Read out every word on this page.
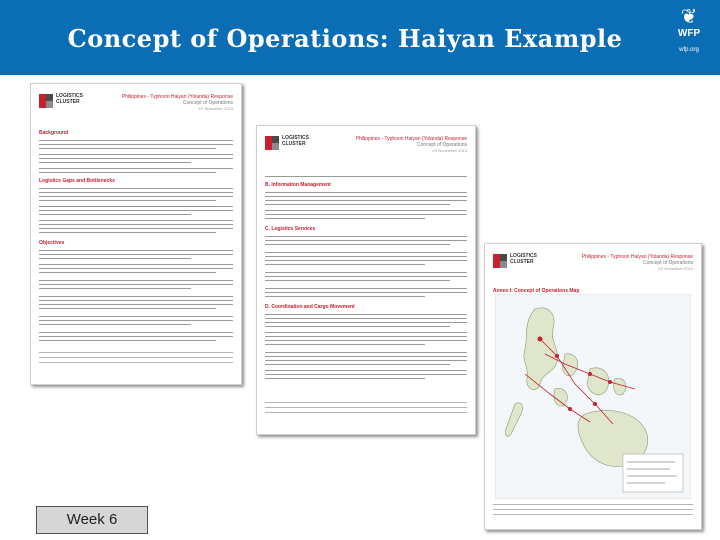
Concept of Operations: Haiyan Example
❦
WFP
wfp.org
LOGISTICS
CLUSTER
Philippines - Typhoon Haiyan (Yolanda) Response
Concept of Operations
XX November 2013
Background
Logistics Gaps and Bottlenecks
Objectives
LOGISTICS
CLUSTER
Philippines - Typhoon Haiyan (Yolanda) Response
Concept of Operations
XX November 2013
B. Information Management
C. Logistics Services
D. Coordination and Cargo Movement
LOGISTICS
CLUSTER
Philippines - Typhoon Haiyan (Yolanda) Response
Concept of Operations
XX November 2013
Annex I: Concept of Operations Map
Week 6
